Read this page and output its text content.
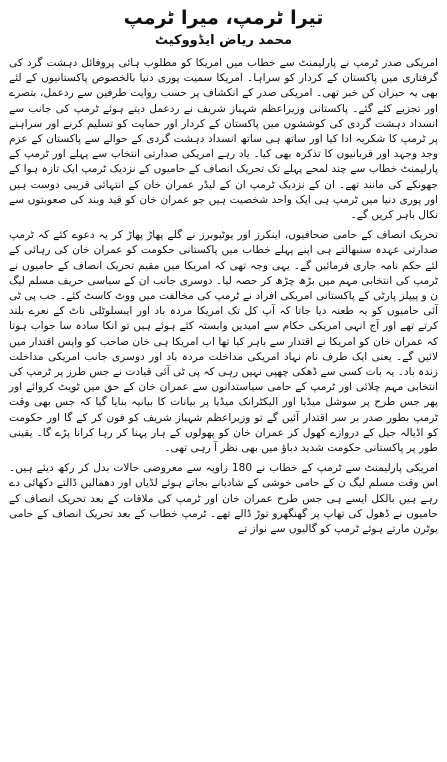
تیرا ٹرمپ، میرا ٹرمپ
محمد ریاض ایڈووکیٹ

امریکی صدر ٹرمپ نے پارلیمنٹ سے خطاب میں امریکا کو مطلوب ہائی پروفائل دہشت گرد کی گرفتاری میں پاکستان کے کردار کو سراہا۔ امریکا سمیت پوری دنیا بالخصوص پاکستانیوں کے لئے بھی یہ حیران کن خبر تھی۔ امریکی صدر کے انکشاف پر حسب روایت طرفین سے ردعمل، بتصرے اور تجزیے کئے گئے۔ پاکستانی وزیراعظم شہباز شریف نے ردعمل دیتے ہوئے ٹرمپ کی جانب سے انسداد دہشت گردی کی کوششوں میں پاکستان کے کردار اور حمایت کو تسلیم کرنے اور سراہنے پر ٹرمپ کا شکریہ ادا کیا اور ساتھ ہی ساتھ انسداد دہشت گردی کے حوالے سے پاکستان کے عزم وجد وجہد اور قربانیوں کا تذکرہ بھی کیا۔ یاد رہے امریکی صدارتی انتخاب سے پہلے اور ٹرمپ کے پارلیمنٹ خطاب سے چند لمحے پہلے تک تحریک انصاف کے حامیوں کے نزدیک ٹرمپ ایک تازہ ہوا کے جھونکے کی مانند تھے۔ ان کے نزدیک ٹرمپ ان کے لیڈر عمران خان کے انتہائی قریبی دوست ہیں اور پوری دنیا میں ٹرمپ ہی ایک واحد شخصیت ہیں جو عمران خان کو قید وبند کی صعوبتوں سے نکال باہر کریں گے۔

تحریک انصاف کے حامی صحافیوں، اینکرز اور یوٹیوبرز نے گلے پھاڑ پھاڑ کر یہ دعوے کئے کہ ٹرمپ صدارتی عہدہ سنبھالتے ہی اپنے پہلے خطاب میں پاکستانی حکومت کو عمران خان کی رہائی کے لئے حکم نامہ جاری فرمائیں گے۔ یہی وجہ تھی کہ امریکا میں مقیم تحریک انصاف کے حامیوں نے ٹرمپ کی انتخابی مہم میں بڑھ چڑھ کر حصہ لیا۔ دوسری جانب ان کے سیاسی حریف مسلم لیگ ن و پیپلز پارٹی کے پاکستانی امریکی افراد نے ٹرمپ کی مخالفت میں ووٹ کاسٹ کئے۔ جب پی ٹی آئی حامیوں کو یہ طعنہ دیا جاتا کہ آپ کل تک امریکا مردہ باد اور ایبسلوٹلی ناٹ کے نعرے بلند کرتے تھے اور آج انہی امریکی حکام سے امیدیں وابستہ کئے ہوئے ہیں تو انکا سادہ سا جواب ہوتا کہ عمران خان کو امریکا نے اقتدار سے باہر کیا تھا اب امریکا ہی خان صاحب کو واپس اقتدار میں لائیں گے۔ یعنی ایک طرف نام نہاد امریکی مداخلت مردہ باد اور دوسری جانب امریکی مداخلت زندہ باد۔ یہ بات کسی سے ڈھکی چھپی نہیں رہی کہ پی ٹی آئی قیادت نے جس طرز پر ٹرمپ کی انتخابی مہم چلائی اور ٹرمپ کے حامی سیاستدانوں سے عمران خان کے حق میں ٹویٹ کروائے اور پھر جس طرح پر سوشل میڈیا اور الیکٹرانک میڈیا پر بیانات کا بیانیہ بنایا گیا کہ جس بھی وقت ٹرمپ بطور صدر بر سر اقتدار آئیں گے تو وزیراعظم شہباز شریف کو فون کر کے گا اور حکومت کو اڈیالہ جیل کے دروازے کھول کر عمران خان کو پھولوں کے ہار پہنا کر رہا کرانا پڑے گا۔ یقینی طور پر پاکستانی حکومت شدید دباؤ میں بھی نظر آ رہی تھی۔

امریکی پارلیمنٹ سے ٹرمپ کے خطاب نے 180 زاویہ سے معروضی حالات بدل کر رکھ دیئے ہیں۔ اس وقت مسلم لیگ ن کے حامی خوشی کے شادیانے بجاتے ہوئے لڈیاں اور دھمالیں ڈالتے دکھائی دے رہے ہیں بالکل ایسے ہی جس طرح عمران خان اور ٹرمپ کی ملاقات کے بعد تحریک انصاف کے حامیوں نے ڈھول کی تھاپ پر گھنگھرو توڑ ڈالے تھے۔ ٹرمپ خطاب کے بعد تحریک انصاف کے حامی یوٹرن مارتے ہوئے ٹرمپ کو گالیوں سے نواز تے
